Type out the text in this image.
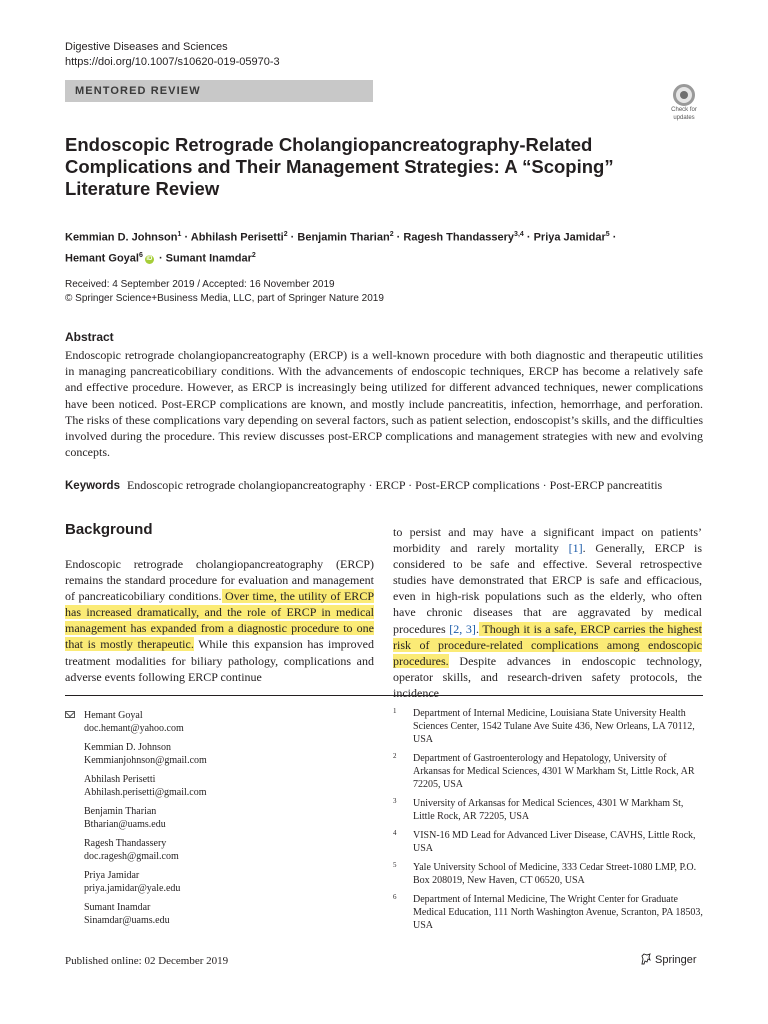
Digestive Diseases and Sciences
https://doi.org/10.1007/s10620-019-05970-3
MENTORED REVIEW
Check for
updates
Endoscopic Retrograde Cholangiopancreatography-Related Complications and Their Management Strategies: A “Scoping” Literature Review
Kemmian D. Johnson$^1$ · Abhilash Perisetti$^2$ · Benjamin Tharian$^2$ · Ragesh Thandassery$^{3,4}$ · Priya Jamidar$^5$ ·
Hemant Goyal$^6$iD · Sumant Inamdar$^2$
Received: 4 September 2019 / Accepted: 16 November 2019
© Springer Science+Business Media, LLC, part of Springer Nature 2019
Abstract
Endoscopic retrograde cholangiopancreatography (ERCP) is a well-known procedure with both diagnostic and therapeutic utilities in managing pancreaticobiliary conditions. With the advancements of endoscopic techniques, ERCP has become a relatively safe and effective procedure. However, as ERCP is increasingly being utilized for different advanced techniques, newer complications have been noticed. Post-ERCP complications are known, and mostly include pancreatitis, infection, hemorrhage, and perforation. The risks of these complications vary depending on several factors, such as patient selection, endoscopist’s skills, and the difficulties involved during the procedure. This review discusses post-ERCP complications and management strategies with new and evolving concepts.
Keywords Endoscopic retrograde cholangiopancreatography · ERCP · Post-ERCP complications · Post-ERCP pancreatitis
Background
Endoscopic retrograde cholangiopancreatography (ERCP) remains the standard procedure for evaluation and management of pancreaticobiliary conditions. Over time, the utility of ERCP has increased dramatically, and the role of ERCP in medical management has expanded from a diagnostic procedure to one that is mostly therapeutic. While this expansion has improved treatment modalities for biliary pathology, complications and adverse events following ERCP continue
to persist and may have a significant impact on patients’ morbidity and rarely mortality [1]. Generally, ERCP is considered to be safe and effective. Several retrospective studies have demonstrated that ERCP is safe and efficacious, even in high-risk populations such as the elderly, who often have chronic diseases that are aggravated by medical procedures [2, 3]. Though it is a safe, ERCP carries the highest risk of procedure-related complications among endoscopic procedures. Despite advances in endoscopic technology, operator skills, and research-driven safety protocols, the incidence
Hemant Goyal
doc.hemant@yahoo.com
Kemmian D. Johnson
Kemmianjohnson@gmail.com
Abhilash Perisetti
Abhilash.perisetti@gmail.com
Benjamin Tharian
Btharian@uams.edu
Ragesh Thandassery
doc.ragesh@gmail.com
Priya Jamidar
priya.jamidar@yale.edu
Sumant Inamdar
Sinamdar@uams.edu
1 Department of Internal Medicine, Louisiana State University Health Sciences Center, 1542 Tulane Ave Suite 436, New Orleans, LA 70112, USA
2 Department of Gastroenterology and Hepatology, University of Arkansas for Medical Sciences, 4301 W Markham St, Little Rock, AR 72205, USA
3 University of Arkansas for Medical Sciences, 4301 W Markham St, Little Rock, AR 72205, USA
4 VISN-16 MD Lead for Advanced Liver Disease, CAVHS, Little Rock, USA
5 Yale University School of Medicine, 333 Cedar Street-1080 LMP, P.O. Box 208019, New Haven, CT 06520, USA
6 Department of Internal Medicine, The Wright Center for Graduate Medical Education, 111 North Washington Avenue, Scranton, PA 18503, USA
Published online: 02 December 2019	Springer
